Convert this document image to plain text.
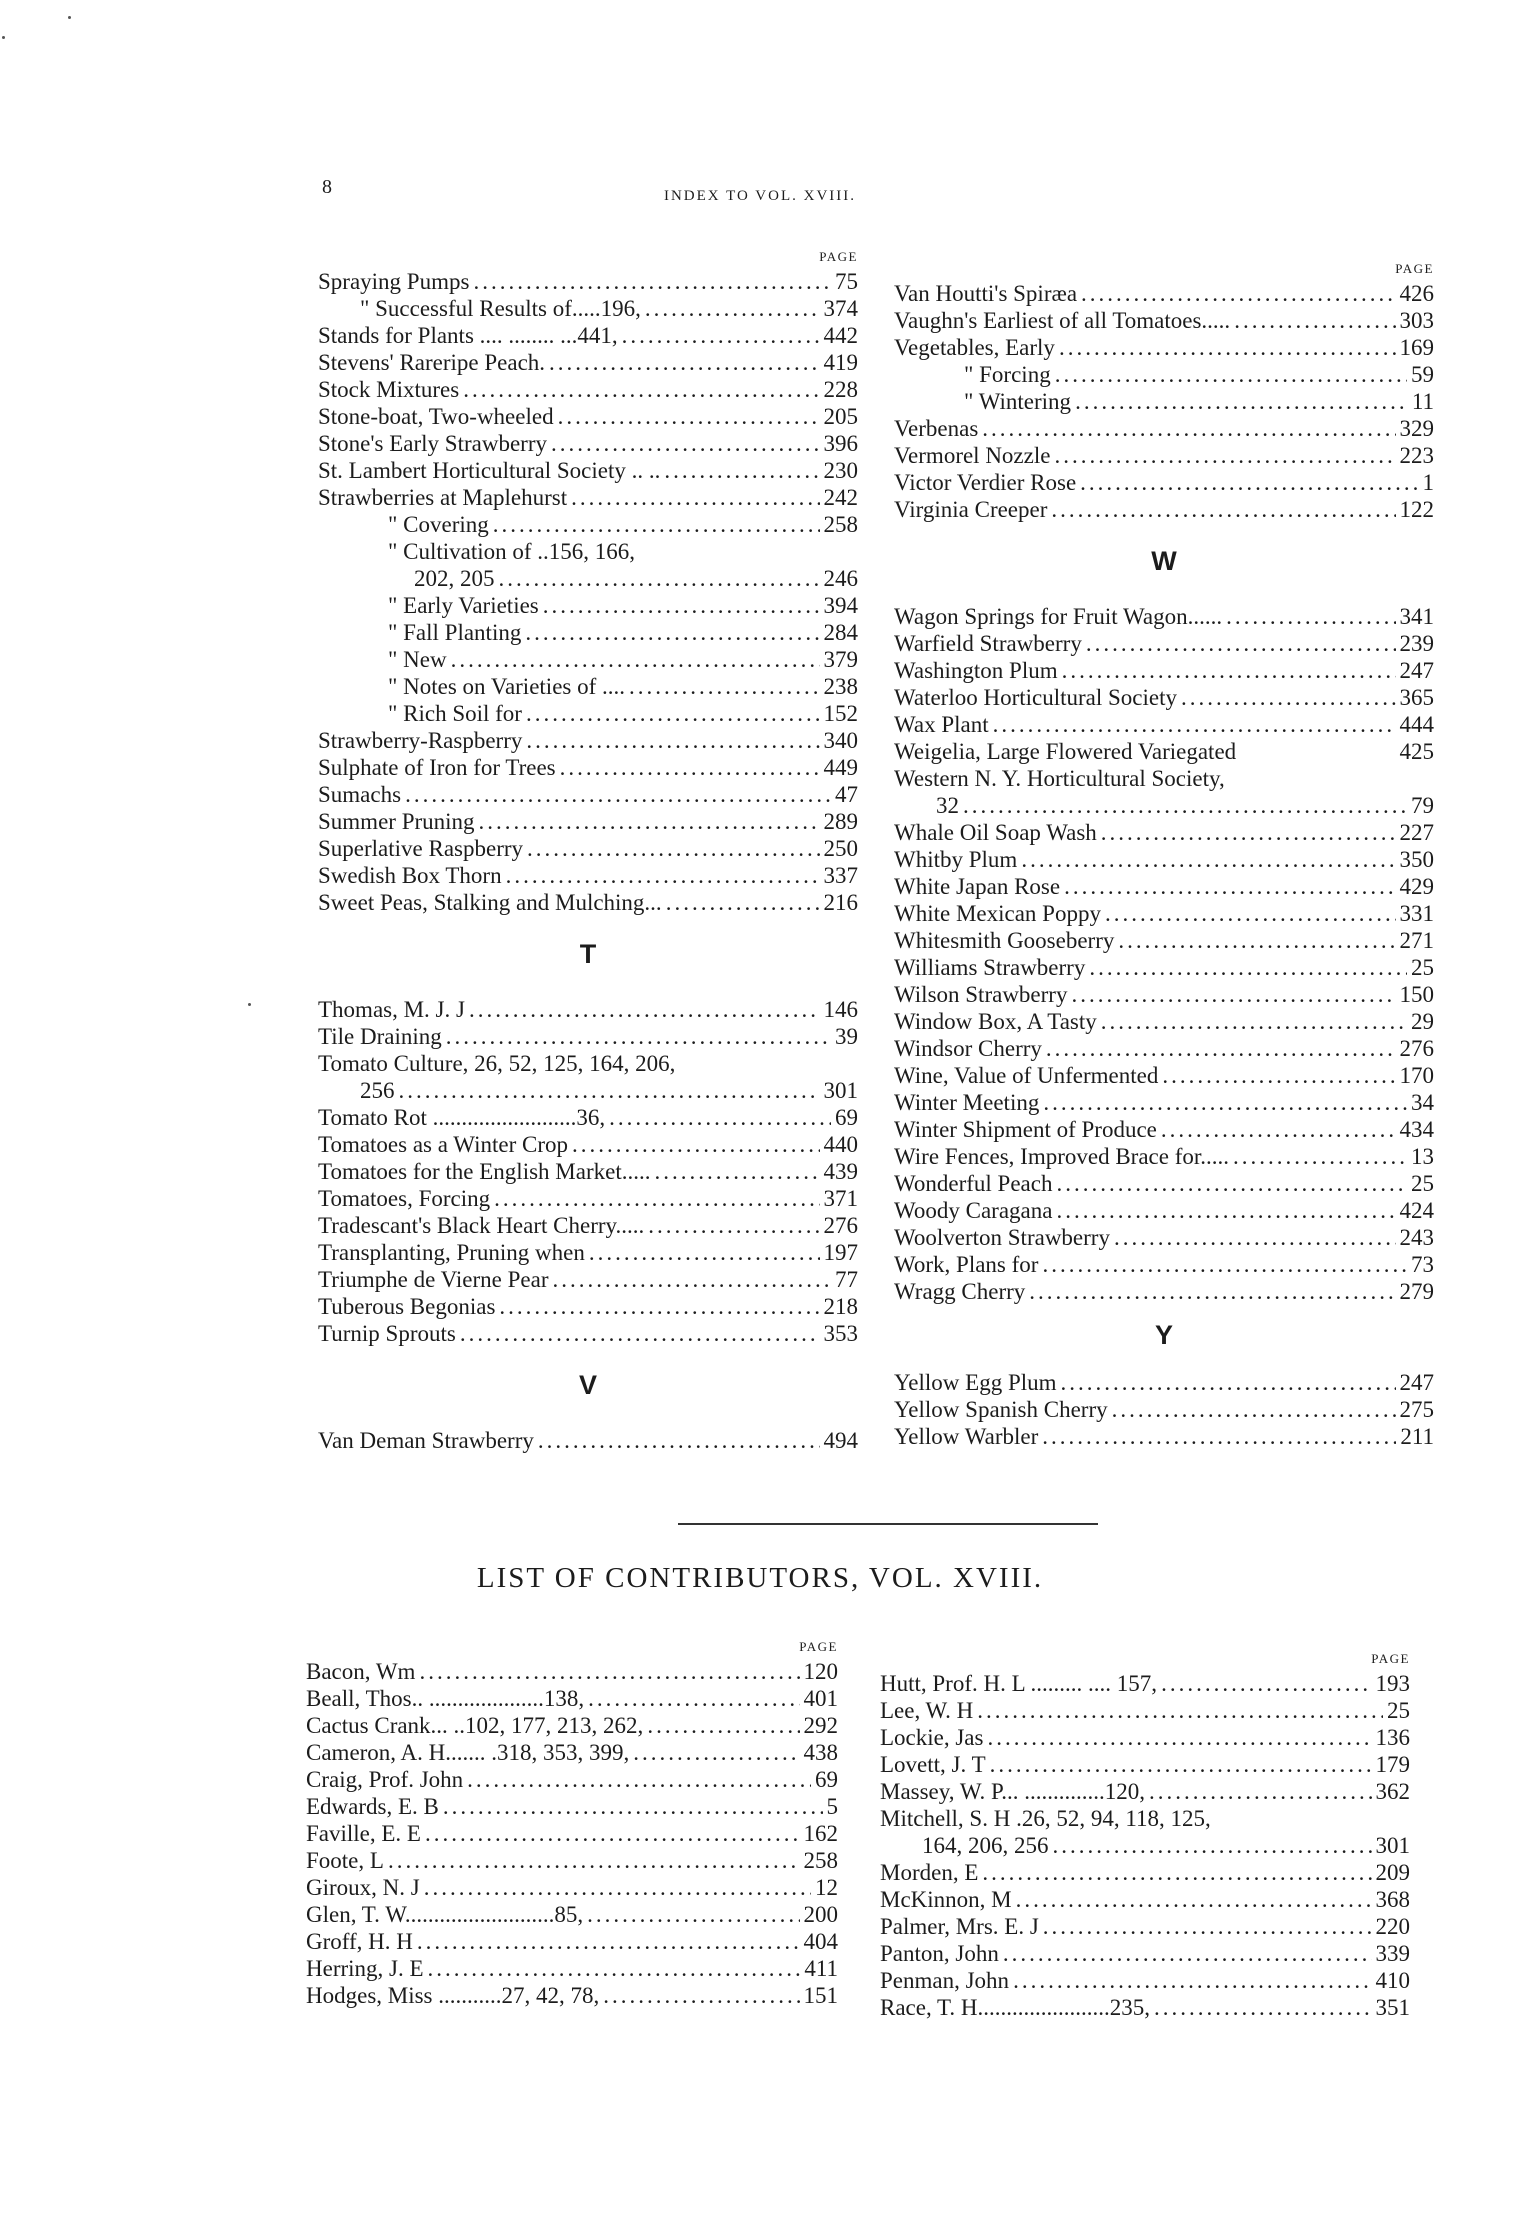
8	INDEX TO VOL. XVIII.
PAGE
Spraying Pumps .....	75
" Successful Results of.....196, .....	374
Stands for Plants .... ........ ...441, .....	442
Stevens' Rareripe Peach. .....	419
Stock Mixtures .....	228
Stone-boat, Two-wheeled .....	205
Stone's Early Strawberry .....	396
St. Lambert Horticultural Society .. .. .....	230
Strawberries at Maplehurst .....	242
" Covering .....	258
" Cultivation of ..156, 166,
202, 205 .....	246
" Early Varieties .....	394
" Fall Planting .....	284
" New .....	379
" Notes on Varieties of .... .....	238
" Rich Soil for .....	152
Strawberry-Raspberry .....	340
Sulphate of Iron for Trees .....	449
Sumachs .....	47
Summer Pruning .....	289
Superlative Raspberry .....	250
Swedish Box Thorn .....	337
Sweet Peas, Stalking and Mulching... .....	216
T
Thomas, M. J. J .....	146
Tile Draining .....	39
Tomato Culture, 26, 52, 125, 164, 206,
256 .....	301
Tomato Rot .........................36, .....	69
Tomatoes as a Winter Crop .....	440
Tomatoes for the English Market..... .....	439
Tomatoes, Forcing .....	371
Tradescant's Black Heart Cherry..... .....	276
Transplanting, Pruning when .....	197
Triumphe de Vierne Pear .....	77
Tuberous Begonias .....	218
Turnip Sprouts .....	353
V
Van Deman Strawberry .....	494
PAGE
Van Houtti's Spiræa .....	426
Vaughn's Earliest of all Tomatoes..... .....	303
Vegetables, Early .....	169
" Forcing .....	59
" Wintering .....	11
Verbenas .....	329
Vermorel Nozzle .....	223
Victor Verdier Rose .....	1
Virginia Creeper .....	122
W
Wagon Springs for Fruit Wagon...... .....	341
Warfield Strawberry .....	239
Washington Plum .....	247
Waterloo Horticultural Society .....	365
Wax Plant .....	444
Weigelia, Large Flowered Variegated	425
Western N. Y. Horticultural Society,
32 .....	79
Whale Oil Soap Wash .....	227
Whitby Plum .....	350
White Japan Rose .....	429
White Mexican Poppy .....	331
Whitesmith Gooseberry .....	271
Williams Strawberry .....	25
Wilson Strawberry .....	150
Window Box, A Tasty .....	29
Windsor Cherry .....	276
Wine, Value of Unfermented .....	170
Winter Meeting .....	34
Winter Shipment of Produce .....	434
Wire Fences, Improved Brace for..... .....	13
Wonderful Peach .....	25
Woody Caragana .....	424
Woolverton Strawberry .....	243
Work, Plans for .....	73
Wragg Cherry .....	279
Y
Yellow Egg Plum .....	247
Yellow Spanish Cherry .....	275
Yellow Warbler .....	211
LIST OF CONTRIBUTORS, VOL. XVIII.
PAGE
Bacon, Wm .....	120
Beall, Thos.. ....................138, .....	401
Cactus Crank... ..102, 177, 213, 262, .....	292
Cameron, A. H....... .318, 353, 399, .....	438
Craig, Prof. John .....	69
Edwards, E. B .....	5
Faville, E. E .....	162
Foote, L .....	258
Giroux, N. J .....	12
Glen, T. W..........................85, .....	200
Groff, H. H .....	404
Herring, J. E .....	411
Hodges, Miss ...........27, 42, 78, .....	151
PAGE
Hutt, Prof. H. L ......... .... 157, .....	193
Lee, W. H .....	25
Lockie, Jas .....	136
Lovett, J. T .....	179
Massey, W. P... ..............120, .....	362
Mitchell, S. H .26, 52, 94, 118, 125,
164, 206, 256 .....	301
Morden, E .....	209
McKinnon, M .....	368
Palmer, Mrs. E. J .....	220
Panton, John .....	339
Penman, John .....	410
Race, T. H.......................235, .....	351
